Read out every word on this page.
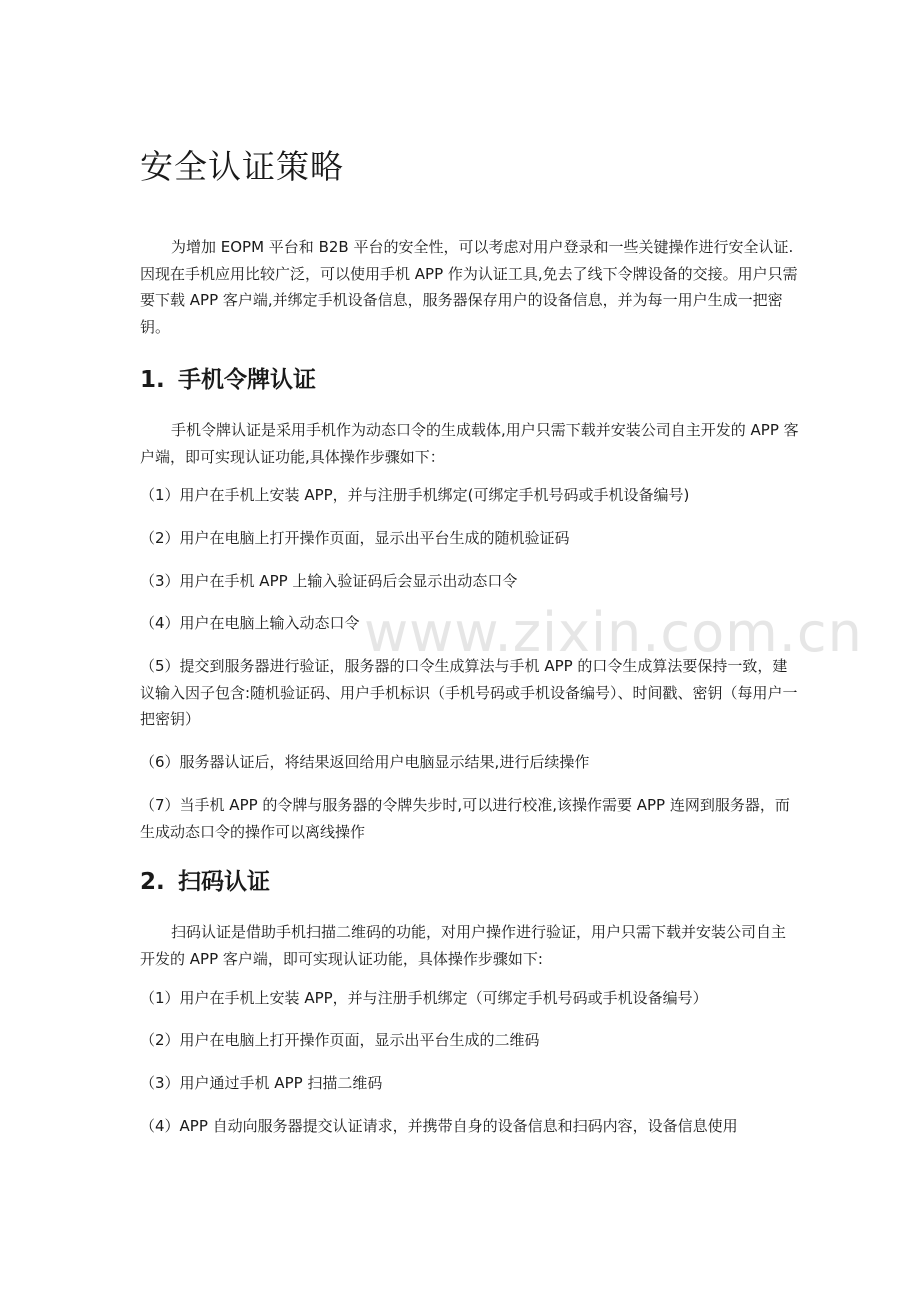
www.zixin.com.cn
安全认证策略

为增加 EOPM 平台和 B2B 平台的安全性，可以考虑对用户登录和一些关键操作进行安全认证.因现在手机应用比较广泛，可以使用手机 APP 作为认证工具,免去了线下令牌设备的交接。用户只需要下载 APP 客户端,并绑定手机设备信息，服务器保存用户的设备信息，并为每一用户生成一把密钥。

1. 手机令牌认证

手机令牌认证是采用手机作为动态口令的生成载体,用户只需下载并安装公司自主开发的 APP 客户端，即可实现认证功能,具体操作步骤如下：

（1）用户在手机上安装 APP，并与注册手机绑定(可绑定手机号码或手机设备编号)

（2）用户在电脑上打开操作页面，显示出平台生成的随机验证码

（3）用户在手机 APP 上输入验证码后会显示出动态口令

（4）用户在电脑上输入动态口令

（5）提交到服务器进行验证，服务器的口令生成算法与手机 APP 的口令生成算法要保持一致，建议输入因子包含:随机验证码、用户手机标识（手机号码或手机设备编号）、时间戳、密钥（每用户一把密钥）

（6）服务器认证后，将结果返回给用户电脑显示结果,进行后续操作

（7）当手机 APP 的令牌与服务器的令牌失步时,可以进行校准,该操作需要 APP 连网到服务器，而生成动态口令的操作可以离线操作

2. 扫码认证

扫码认证是借助手机扫描二维码的功能，对用户操作进行验证，用户只需下载并安装公司自主开发的 APP 客户端，即可实现认证功能，具体操作步骤如下:

（1）用户在手机上安装 APP，并与注册手机绑定（可绑定手机号码或手机设备编号）

（2）用户在电脑上打开操作页面，显示出平台生成的二维码

（3）用户通过手机 APP 扫描二维码

（4）APP 自动向服务器提交认证请求，并携带自身的设备信息和扫码内容，设备信息使用
